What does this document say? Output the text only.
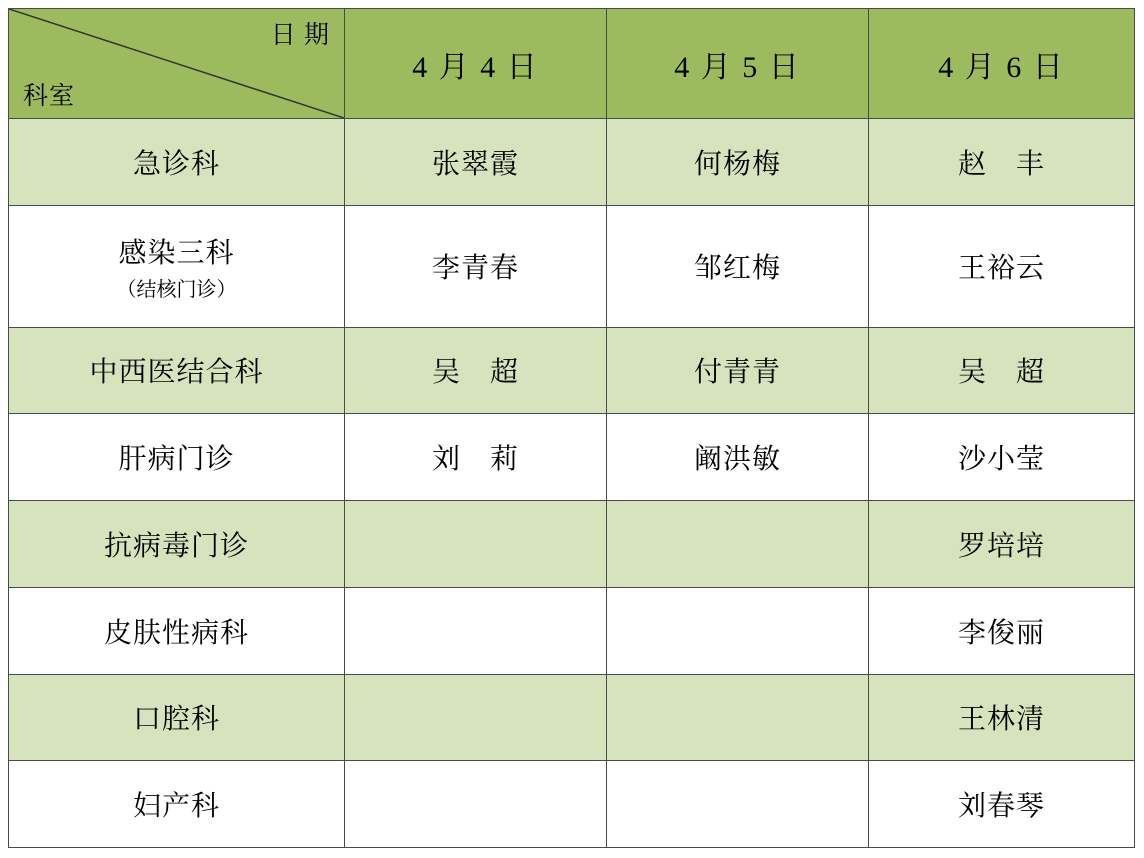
日 期
科室	4 月 4 日	4 月 5 日	4 月 6 日

急诊科	张翠霞	何杨梅	赵　丰

感染三科
（结核门诊）	李青春	邹红梅	王裕云

中西医结合科	吴　超	付青青	吴　超

肝病门诊	刘　莉	阚洪敏	沙小莹

抗病毒门诊			罗培培

皮肤性病科			李俊丽

口腔科			王林清

妇产科			刘春琴
